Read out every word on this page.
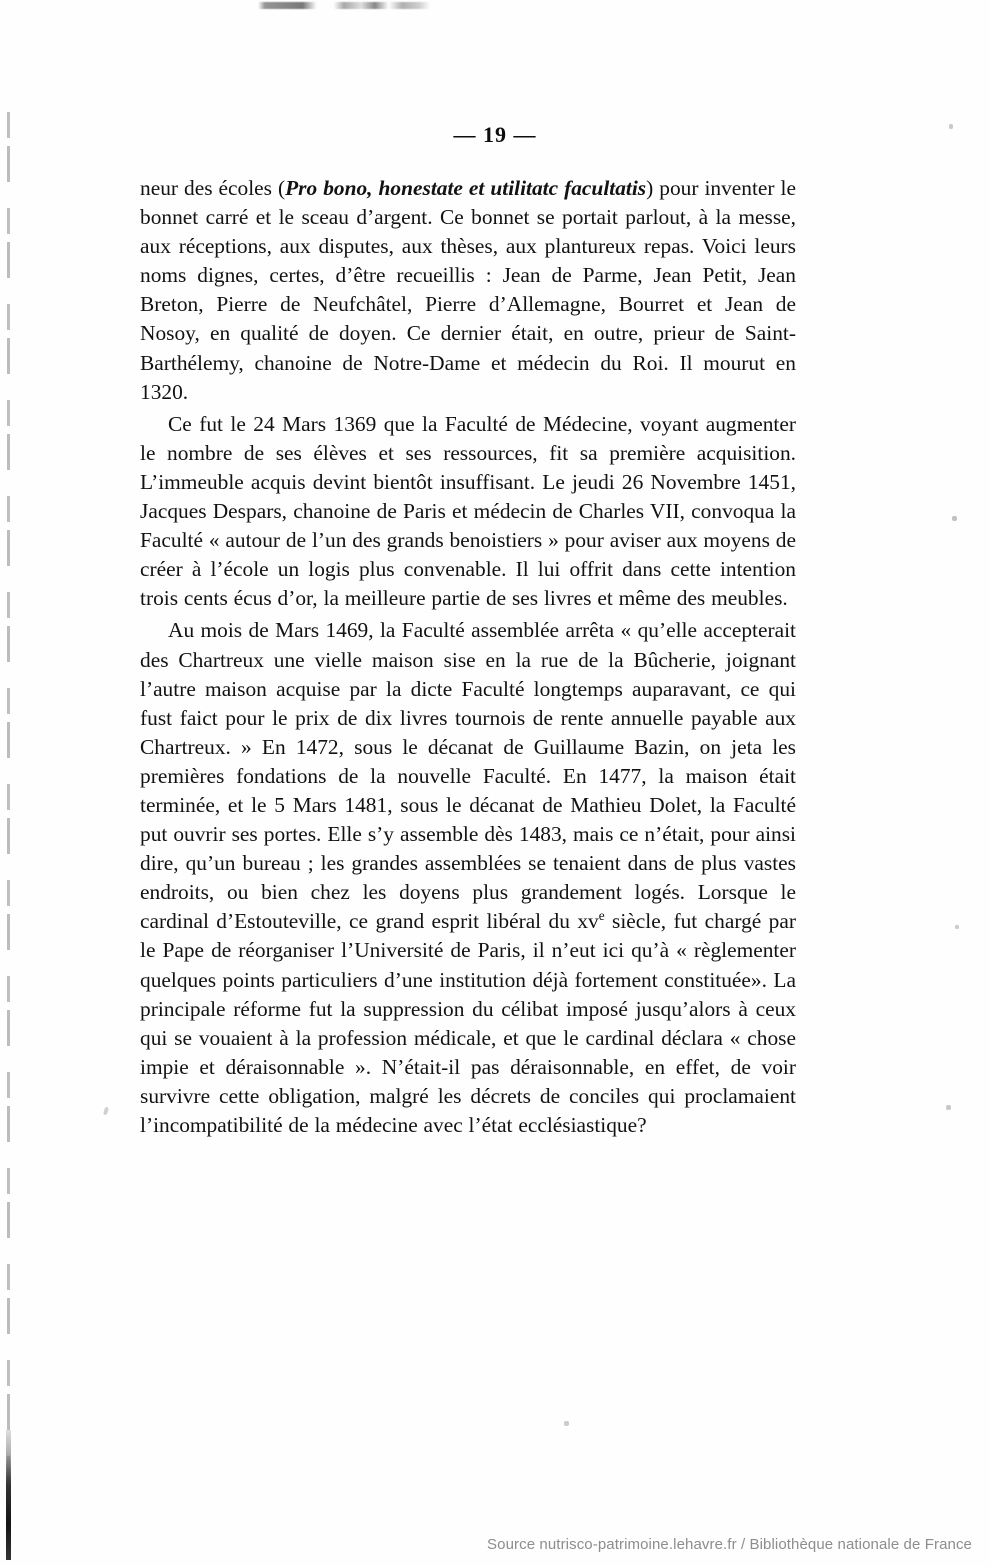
— 19 —

neur des écoles (Pro bono, honestate et utilitatc facultatis) pour inventer le bonnet carré et le sceau d’argent. Ce bonnet se portait parlout, à la messe, aux réceptions, aux disputes, aux thèses, aux plantureux repas. Voici leurs noms dignes, certes, d’être recueillis : Jean de Parme, Jean Petit, Jean Breton, Pierre de Neufchâtel, Pierre d’Allemagne, Bourret et Jean de Nosoy, en qualité de doyen. Ce dernier était, en outre, prieur de Saint-Barthélemy, chanoine de Notre-Dame et médecin du Roi. Il mourut en 1320.

Ce fut le 24 Mars 1369 que la Faculté de Médecine, voyant augmenter le nombre de ses élèves et ses ressources, fit sa première acquisition. L’immeuble acquis devint bientôt insuffisant. Le jeudi 26 Novembre 1451, Jacques Despars, chanoine de Paris et médecin de Charles VII, convoqua la Faculté « autour de l’un des grands benoistiers » pour aviser aux moyens de créer à l’école un logis plus convenable. Il lui offrit dans cette intention trois cents écus d’or, la meilleure partie de ses livres et même des meubles.

Au mois de Mars 1469, la Faculté assemblée arrêta « qu’elle accepterait des Chartreux une vielle maison sise en la rue de la Bûcherie, joignant l’autre maison acquise par la dicte Faculté longtemps auparavant, ce qui fust faict pour le prix de dix livres tournois de rente annuelle payable aux Chartreux. » En 1472, sous le décanat de Guillaume Bazin, on jeta les premières fondations de la nouvelle Faculté. En 1477, la maison était terminée, et le 5 Mars 1481, sous le décanat de Mathieu Dolet, la Faculté put ouvrir ses portes. Elle s’y assemble dès 1483, mais ce n’était, pour ainsi dire, qu’un bureau ; les grandes assemblées se tenaient dans de plus vastes endroits, ou bien chez les doyens plus grandement logés. Lorsque le cardinal d’Estouteville, ce grand esprit libéral du $xv^e$ siècle, fut chargé par le Pape de réorganiser l’Université de Paris, il n’eut ici qu’à « règlementer quelques points particuliers d’une institution déjà fortement constituée». La principale réforme fut la suppression du célibat imposé jusqu’alors à ceux qui se vouaient à la profession médicale, et que le cardinal déclara « chose impie et déraisonnable ». N’était-il pas déraisonnable, en effet, de voir survivre cette obligation, malgré les décrets de conciles qui proclamaient l’incompatibilité de la médecine avec l’état ecclésiastique?

Source nutrisco-patrimoine.lehavre.fr / Bibliothèque nationale de France
